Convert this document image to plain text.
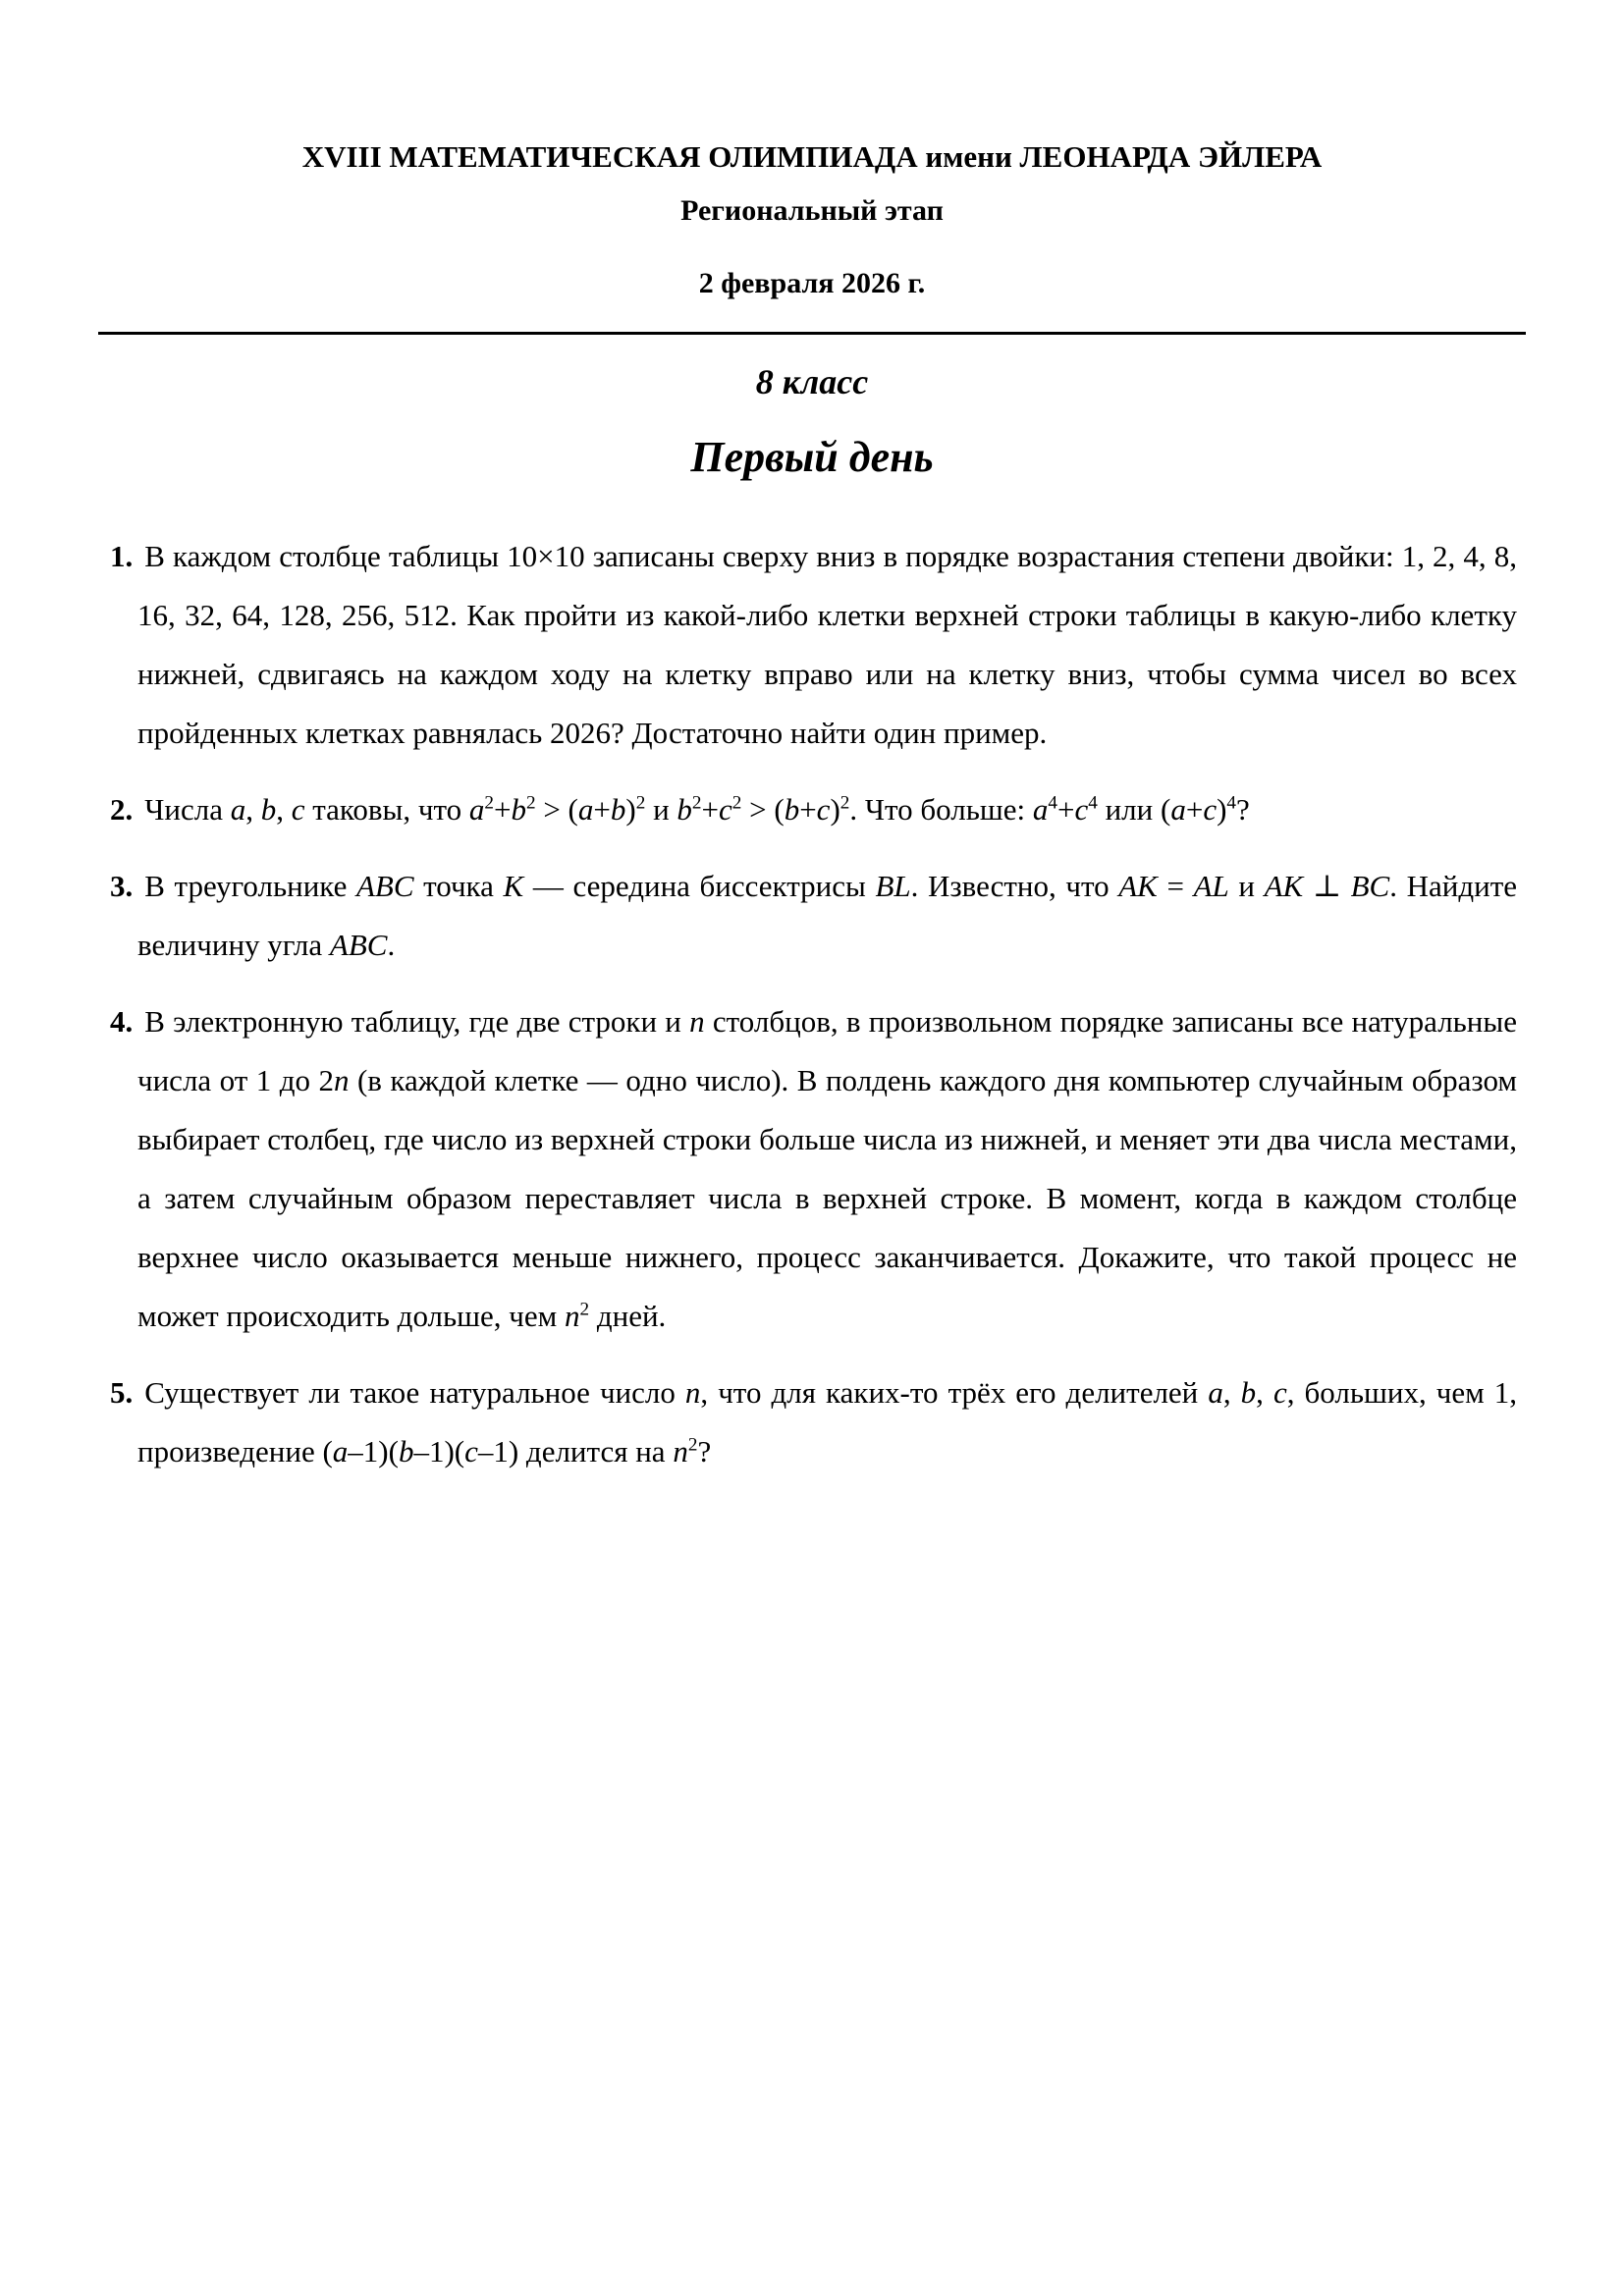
XVIII МАТЕМАТИЧЕСКАЯ ОЛИМПИАДА имени ЛЕОНАРДА ЭЙЛЕРА
Региональный этап
2 февраля 2026 г.
8 класс
Первый день
1. В каждом столбце таблицы 10×10 записаны сверху вниз в порядке возрастания степени двойки: 1, 2, 4, 8, 16, 32, 64, 128, 256, 512. Как пройти из какой-либо клетки верхней строки таблицы в какую-либо клетку нижней, сдвигаясь на каждом ходу на клетку вправо или на клетку вниз, чтобы сумма чисел во всех пройденных клетках равнялась 2026? Достаточно найти один пример.
2. Числа a, b, c таковы, что $a^2+b^2 > (a+b)^2$ и $b^2+c^2 > (b+c)^2$. Что больше: $a^4+c^4$ или $(a+c)^4$?
3. В треугольнике ABC точка K — середина биссектрисы BL. Известно, что AK = AL и AK ⊥ BC. Найдите величину угла ABC.
4. В электронную таблицу, где две строки и n столбцов, в произвольном порядке записаны все натуральные числа от 1 до 2n (в каждой клетке — одно число). В полдень каждого дня компьютер случайным образом выбирает столбец, где число из верхней строки больше числа из нижней, и меняет эти два числа местами, а затем случайным образом переставляет числа в верхней строке. В момент, когда в каждом столбце верхнее число оказывается меньше нижнего, процесс заканчивается. Докажите, что такой процесс не может происходить дольше, чем $n^2$ дней.
5. Существует ли такое натуральное число n, что для каких-то трёх его делителей a, b, c, больших, чем 1, произведение (a–1)(b–1)(c–1) делится на $n^2$?
